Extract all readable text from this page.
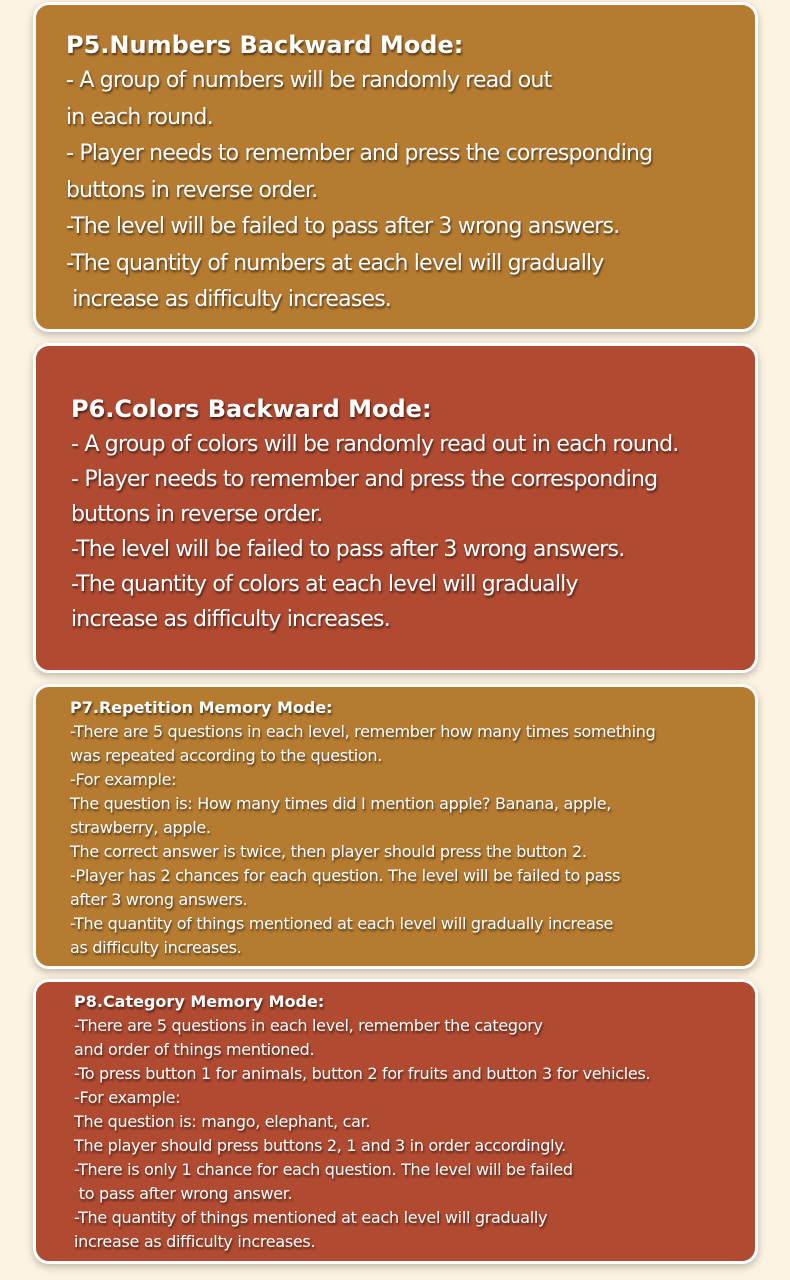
P5.Numbers Backward Mode:

- A group of numbers will be randomly read out

in each round.

- Player needs to remember and press the corresponding

buttons in reverse order.

-The level will be failed to pass after 3 wrong answers.

-The quantity of numbers at each level will gradually

increase as difficulty increases.

P6.Colors Backward Mode:

- A group of colors will be randomly read out in each round.

- Player needs to remember and press the corresponding

buttons in reverse order.

-The level will be failed to pass after 3 wrong answers.

-The quantity of colors at each level will gradually

increase as difficulty increases.

P7.Repetition Memory Mode:

-There are 5 questions in each level, remember how many times something

was repeated according to the question.

-For example:

The question is: How many times did I mention apple? Banana, apple,

strawberry, apple.

The correct answer is twice, then player should press the button 2.

-Player has 2 chances for each question. The level will be failed to pass

after 3 wrong answers.

-The quantity of things mentioned at each level will gradually increase

as difficulty increases.

P8.Category Memory Mode:

-There are 5 questions in each level, remember the category

and order of things mentioned.

-To press button 1 for animals, button 2 for fruits and button 3 for vehicles.

-For example:

The question is: mango, elephant, car.

The player should press buttons 2, 1 and 3 in order accordingly.

-There is only 1 chance for each question. The level will be failed

to pass after wrong answer.

-The quantity of things mentioned at each level will gradually

increase as difficulty increases.
